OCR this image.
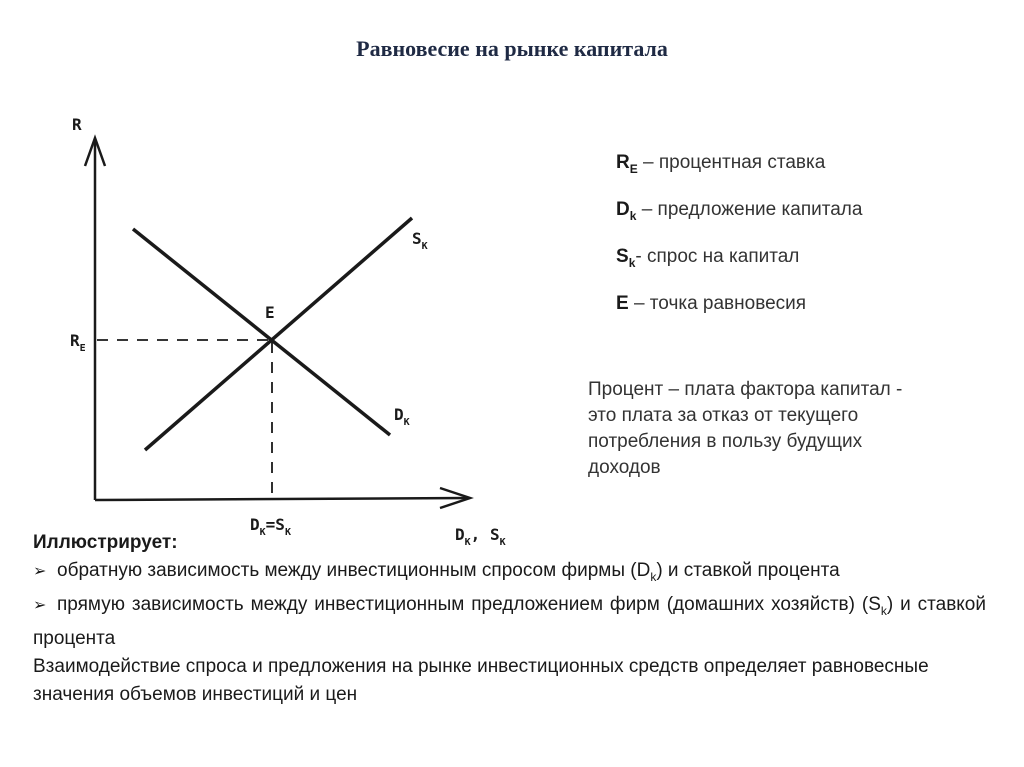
Равновесие на рынке капитала
R
$R_E$
E
$S_K$
$D_K$
$D_K=S_K$	$D_K$, $S_K$
$R_E$ – процентная ставка
$D_k$ – предложение капитала
$S_k-$ спрос на капитал
E – точка равновесия
Процент – плата фактора капитал -
это плата за отказ от текущего
потребления в пользу будущих
доходов
Иллюстрирует:
➢ обратную зависимость между инвестиционным спросом фирмы $(D_k)$ и ставкой процента
➢ прямую зависимость между инвестиционным предложением фирм (домашних хозяйств) $(S_k)$ и ставкой процента
Взаимодействие спроса и предложения на рынке инвестиционных средств определяет равновесные значения объемов инвестиций и цен
